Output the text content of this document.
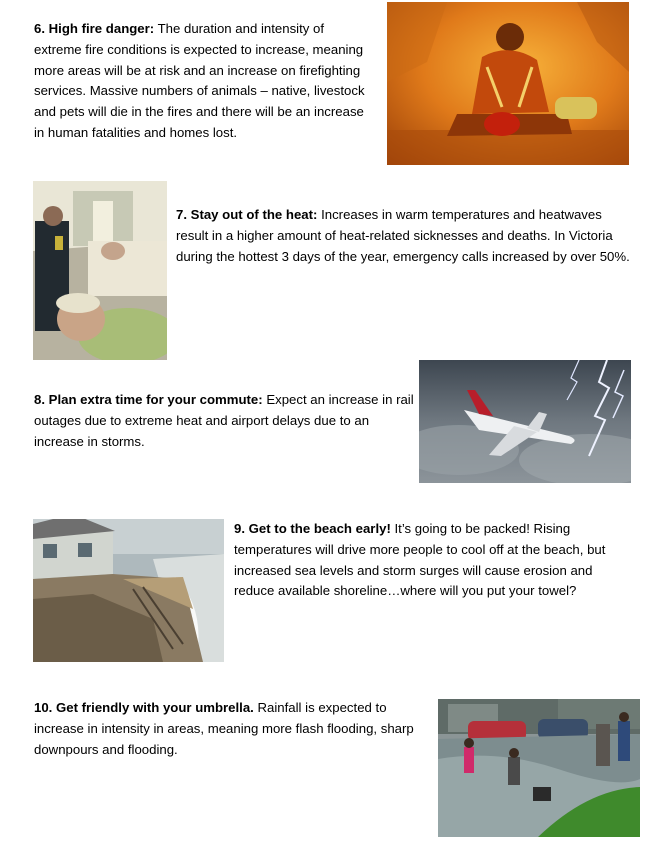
6. High fire danger: The duration and intensity of extreme fire conditions is expected to increase, meaning more areas will be at risk and an increase on firefighting services. Massive numbers of animals – native, livestock and pets will die in the fires and there will be an increase in human fatalities and homes lost.

7. Stay out of the heat: Increases in warm temperatures and heatwaves result in a higher amount of heat-related sicknesses and deaths. In Victoria during the hottest 3 days of the year, emergency calls increased by over 50%.

8. Plan extra time for your commute: Expect an increase in rail outages due to extreme heat and airport delays due to an increase in storms.

9. Get to the beach early! It’s going to be packed! Rising temperatures will drive more people to cool off at the beach, but increased sea levels and storm surges will cause erosion and reduce available shoreline…where will you put your towel?

10. Get friendly with your umbrella. Rainfall is expected to increase in intensity in areas, meaning more flash flooding, sharp downpours and flooding.
